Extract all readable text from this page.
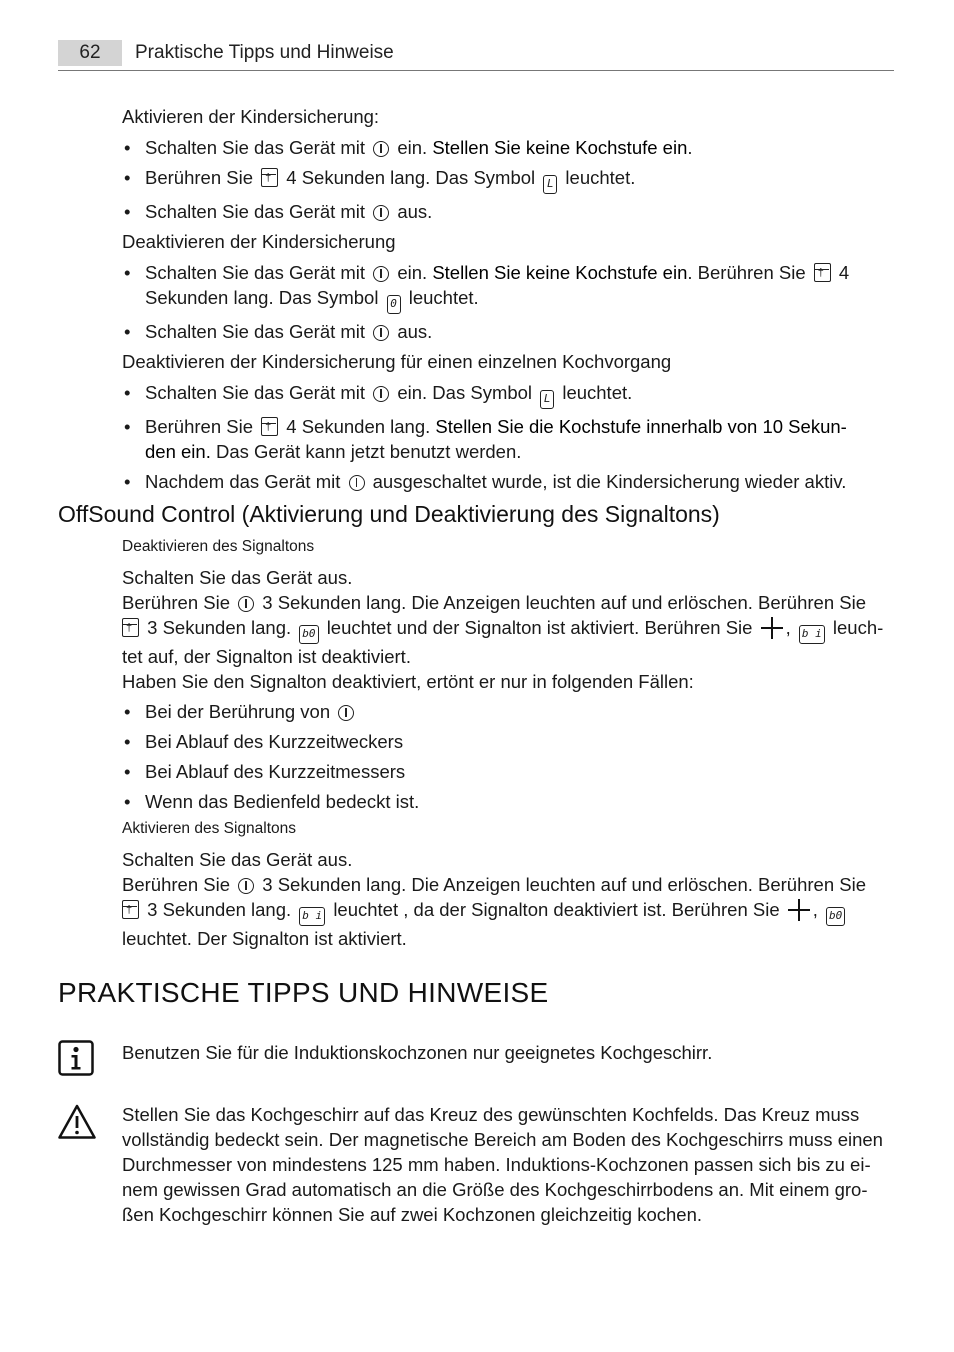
62	Praktische Tipps und Hinweise
Aktivieren der Kindersicherung:
• Schalten Sie das Gerät mit ein. Stellen Sie keine Kochstufe ein.
• Berühren Sie † 4 Sekunden lang. Das Symbol L leuchtet.
• Schalten Sie das Gerät mit aus.
Deaktivieren der Kindersicherung
• Schalten Sie das Gerät mit ein. Stellen Sie keine Kochstufe ein. Berühren Sie † 4
Sekunden lang. Das Symbol 0 leuchtet.
• Schalten Sie das Gerät mit aus.
Deaktivieren der Kindersicherung für einen einzelnen Kochvorgang
• Schalten Sie das Gerät mit ein. Das Symbol L leuchtet.
• Berühren Sie † 4 Sekunden lang. Stellen Sie die Kochstufe innerhalb von 10 Sekun-
den ein. Das Gerät kann jetzt benutzt werden.
• Nachdem das Gerät mit ausgeschaltet wurde, ist die Kindersicherung wieder aktiv.
OffSound Control (Aktivierung und Deaktivierung des Signaltons)
Deaktivieren des Signaltons
Schalten Sie das Gerät aus.
Berühren Sie 3 Sekunden lang. Die Anzeigen leuchten auf und erlöschen. Berühren Sie
† 3 Sekunden lang. b0 leuchtet und der Signalton ist aktiviert. Berühren Sie , b i leuch-
tet auf, der Signalton ist deaktiviert.
Haben Sie den Signalton deaktiviert, ertönt er nur in folgenden Fällen:
• Bei der Berührung von
• Bei Ablauf des Kurzzeitweckers
• Bei Ablauf des Kurzzeitmessers
• Wenn das Bedienfeld bedeckt ist.
Aktivieren des Signaltons
Schalten Sie das Gerät aus.
Berühren Sie 3 Sekunden lang. Die Anzeigen leuchten auf und erlöschen. Berühren Sie
† 3 Sekunden lang. b i leuchtet , da der Signalton deaktiviert ist. Berühren Sie , b0
leuchtet. Der Signalton ist aktiviert.
PRAKTISCHE TIPPS UND HINWEISE
Benutzen Sie für die Induktionskochzonen nur geeignetes Kochgeschirr.
Stellen Sie das Kochgeschirr auf das Kreuz des gewünschten Kochfelds. Das Kreuz muss
vollständig bedeckt sein. Der magnetische Bereich am Boden des Kochgeschirrs muss einen
Durchmesser von mindestens 125 mm haben. Induktions-Kochzonen passen sich bis zu ei-
nem gewissen Grad automatisch an die Größe des Kochgeschirrbodens an. Mit einem gro-
ßen Kochgeschirr können Sie auf zwei Kochzonen gleichzeitig kochen.
